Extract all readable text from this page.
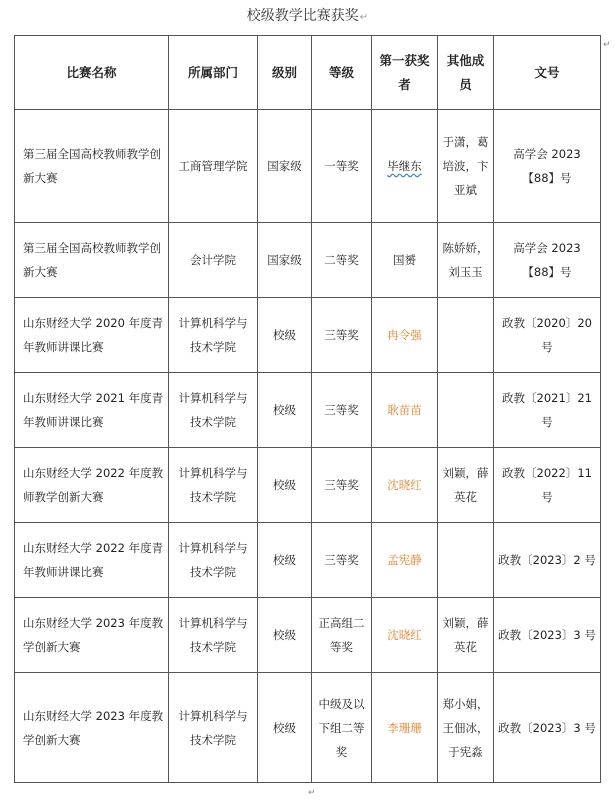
校级教学比赛获奖↵
比赛名称	所属部门	级别	等级	第一获奖者	其他成员	文号
第三届全国高校教师教学创新大赛	工商管理学院	国家级	一等奖	毕继东	于潇，葛培波，卞亚斌	高学会 2023【88】号
第三届全国高校教师教学创新大赛	会计学院	国家级	二等奖	国赟	陈娇娇，刘玉玉	高学会 2023【88】号
山东财经大学 2020 年度青年教师讲课比赛	计算机科学与技术学院	校级	三等奖	冉令强		政教〔2020〕20 号
山东财经大学 2021 年度青年教师讲课比赛	计算机科学与技术学院	校级	三等奖	耿苗苗		政教〔2021〕21 号
山东财经大学 2022 年度教师教学创新大赛	计算机科学与技术学院	校级	三等奖	沈晓红	刘颖，薛英花	政教〔2022〕11 号
山东财经大学 2022 年度青年教师讲课比赛	计算机科学与技术学院	校级	三等奖	孟宪静		政教〔2023〕2 号
山东财经大学 2023 年度教学创新大赛	计算机科学与技术学院	校级	正高组二等奖	沈晓红	刘颖，薛英花	政教〔2023〕3 号
山东财经大学 2023 年度教学创新大赛	计算机科学与技术学院	校级	中级及以下组二等奖	李珊珊	郑小娟，王佃冰，于宪淼	政教〔2023〕3 号
↵
↵
